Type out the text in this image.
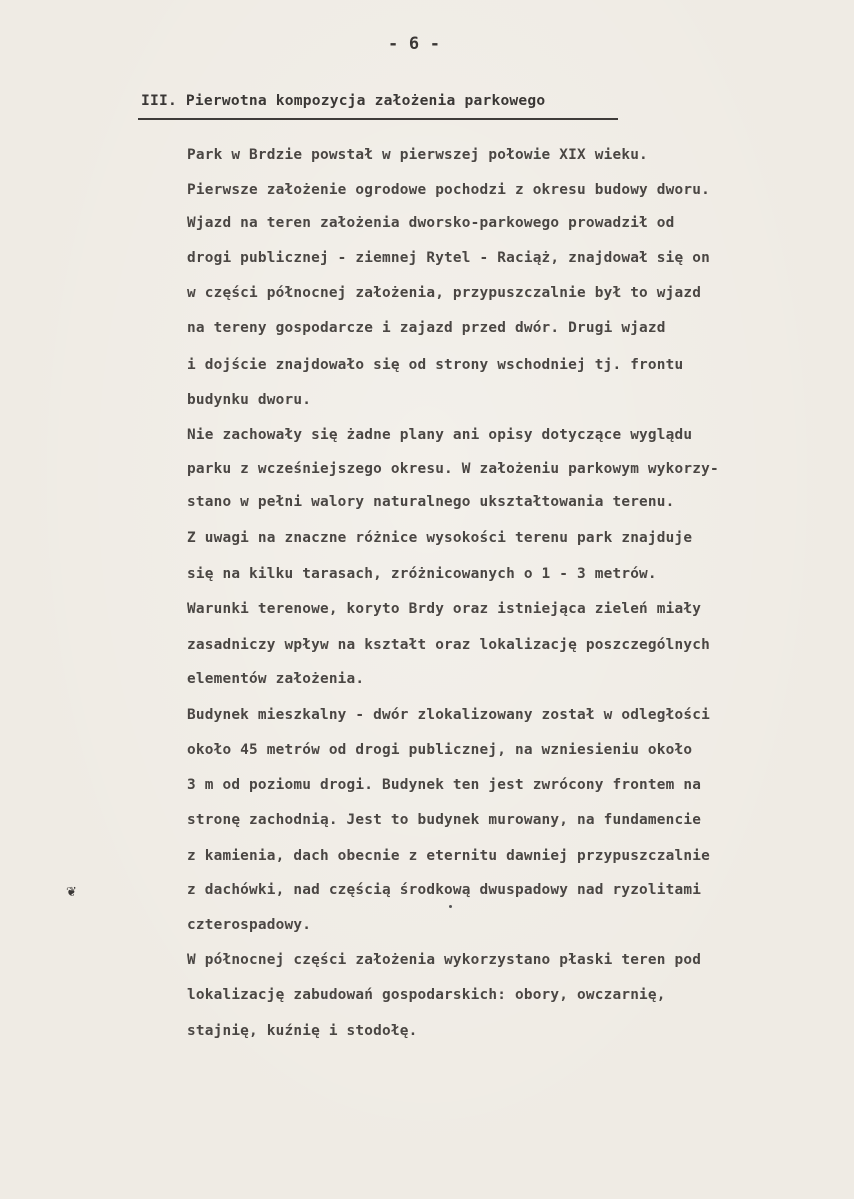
- 6 -
III. Pierwotna kompozycja założenia parkowego
Park w Brdzie powstał w pierwszej połowie XIX wieku.
Pierwsze założenie ogrodowe pochodzi z okresu budowy dworu.
Wjazd na teren założenia dworsko-parkowego prowadził od
drogi publicznej - ziemnej Rytel - Raciąż, znajdował się on
w części północnej założenia, przypuszczalnie był to wjazd
na tereny gospodarcze i zajazd przed dwór. Drugi wjazd
i dojście znajdowało się od strony wschodniej tj. frontu
budynku dworu.
Nie zachowały się żadne plany ani opisy dotyczące wyglądu
parku z wcześniejszego okresu. W założeniu parkowym wykorzy-
stano w pełni walory naturalnego ukształtowania terenu.
Z uwagi na znaczne różnice wysokości terenu park znajduje
się na kilku tarasach, zróżnicowanych o 1 - 3 metrów.
Warunki terenowe, koryto Brdy oraz istniejąca zieleń miały
zasadniczy wpływ na kształt oraz lokalizację poszczególnych
elementów założenia.
Budynek mieszkalny - dwór zlokalizowany został w odległości
około 45 metrów od drogi publicznej, na wzniesieniu około
3 m od poziomu drogi. Budynek ten jest zwrócony frontem na
stronę zachodnią. Jest to budynek murowany, na fundamencie
z kamienia, dach obecnie z eternitu dawniej przypuszczalnie
z dachówki, nad częścią środkową dwuspadowy nad ryzolitami
czterospadowy.
W północnej części założenia wykorzystano płaski teren pod
lokalizację zabudowań gospodarskich: obory, owczarnię,
stajnię, kuźnię i stodołę.
❦
